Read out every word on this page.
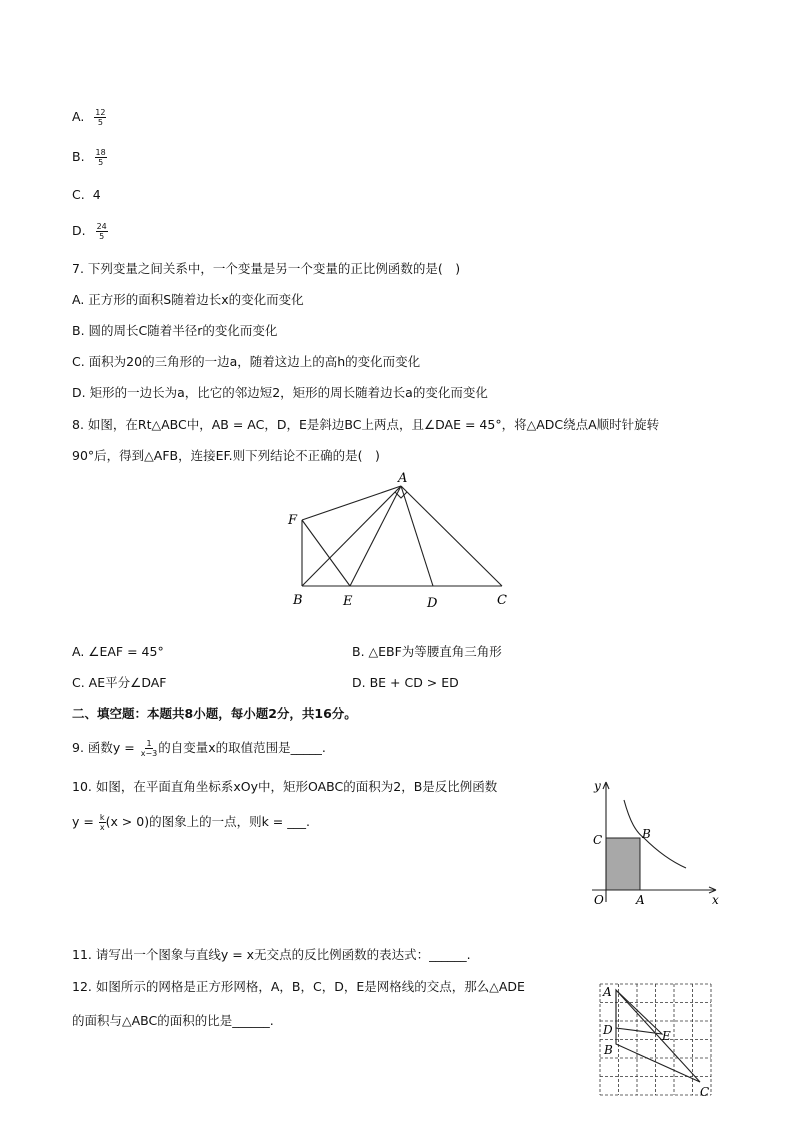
A. $\frac{12}{5}$
B. $\frac{18}{5}$
C. 4
D. $\frac{24}{5}$
7. 下列变量之间关系中，一个变量是另一个变量的正比例函数的是(　)
A. 正方形的面积S随着边长x的变化而变化
B. 圆的周长C随着半径r的变化而变化
C. 面积为20的三角形的一边a，随着这边上的高h的变化而变化
D. 矩形的一边长为a，比它的邻边短2，矩形的周长随着边长a的变化而变化
8. 如图，在Rt△ABC中，AB = AC，D，E是斜边BC上两点，且∠DAE = 45°，将△ADC绕点A顺时针旋转
90°后，得到△AFB，连接EF.则下列结论不正确的是(　)
A
F
B	E	D	C
A. ∠EAF = 45°	B. △EBF为等腰直角三角形
C. AE平分∠DAF	D. BE + CD > ED
二、填空题：本题共8小题，每小题2分，共16分。
9. 函数$y = \frac{1}{x-3}$ 的自变量x的取值范围是_____.
10. 如图，在平面直角坐标系xOy中，矩形OABC的面积为2，B是反比例函数
$y = \frac{k}{x} (x > 0)$的图象上的一点，则k = ___.
y
x
O	A
B
C
11. 请写出一个图象与直线y = x无交点的反比例函数的表达式：______.
12. 如图所示的网格是正方形网格，A，B，C，D，E是网格线的交点，那么△ADE
的面积与△ABC的面积的比是______.
A
D
B
E
C
